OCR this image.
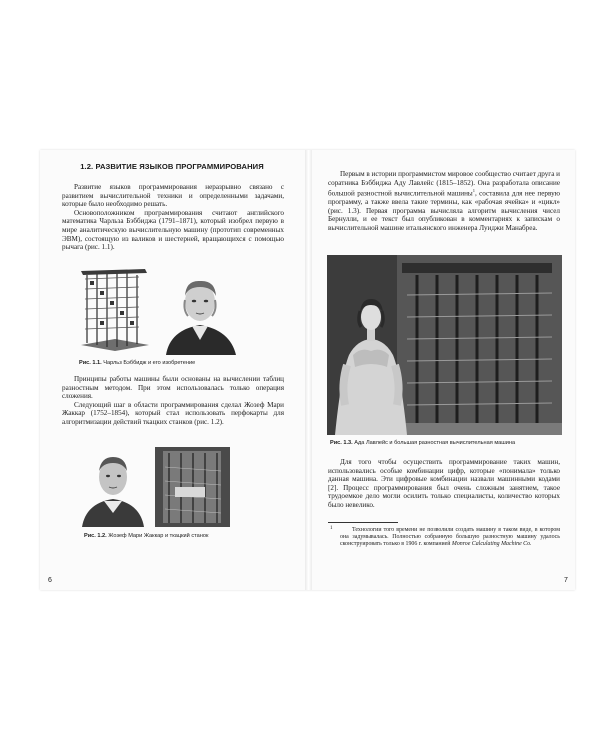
1.2. РАЗВИТИЕ ЯЗЫКОВ ПРОГРАММИРОВАНИЯ

Развитие языков программирования неразрывно связано с развитием вычислительной техники и определенными задачами, которые было необходимо решать.

Основоположником программирования считают английского математика Чарльза Бэббиджа (1791–1871), который изобрел первую в мире аналитическую вычислительную машину (прототип современных ЭВМ), состоящую из валиков и шестерней, вращающихся с помощью рычага (рис. 1.1).

Рис. 1.1. Чарльз Бэббидж и его изобретение

Принципы работы машины были основаны на вычислении таблиц разностным методом. При этом использовалась только операция сложения.

Следующий шаг в области программирования сделал Жозеф Мари Жаккар (1752–1854), который стал использовать перфокарты для алгоритмизации действий ткацких станков (рис. 1.2).

Рис. 1.2. Жозеф Мари Жаккар и ткацкий станок
6

Первым в истории программистом мировое сообщество считает друга и соратника Бэббиджа Аду Лавлейс (1815–1852). Она разработала описание большой разностной вычислительной машины$^1$, составила для нее первую программу, а также ввела такие термины, как «рабочая ячейка» и «цикл» (рис. 1.3). Первая программа вычисляла алгоритм вычисления чисел Бернулли, и ее текст был опубликован в комментариях к запискам о вычислительной машине итальянского инженера Луиджи Манабреа.

Рис. 1.3. Ада Лавлейс и большая разностная вычислительная машина

Для того чтобы осуществить программирование таких машин, использовались особые комбинации цифр, которые «понимала» только данная машина. Эти цифровые комбинации назвали машинными кодами [2]. Процесс программирования был очень сложным занятием, такое трудоемкое дело могли осилить только специалисты, количество которых было невелико.

1	Технологии того времени не позволили создать машину в таком виде, в котором она задумывалась. Полностью собранную большую разностную машину удалось сконструировать только в 1906 г. компанией Monroe Calculating Machine Co.

7
